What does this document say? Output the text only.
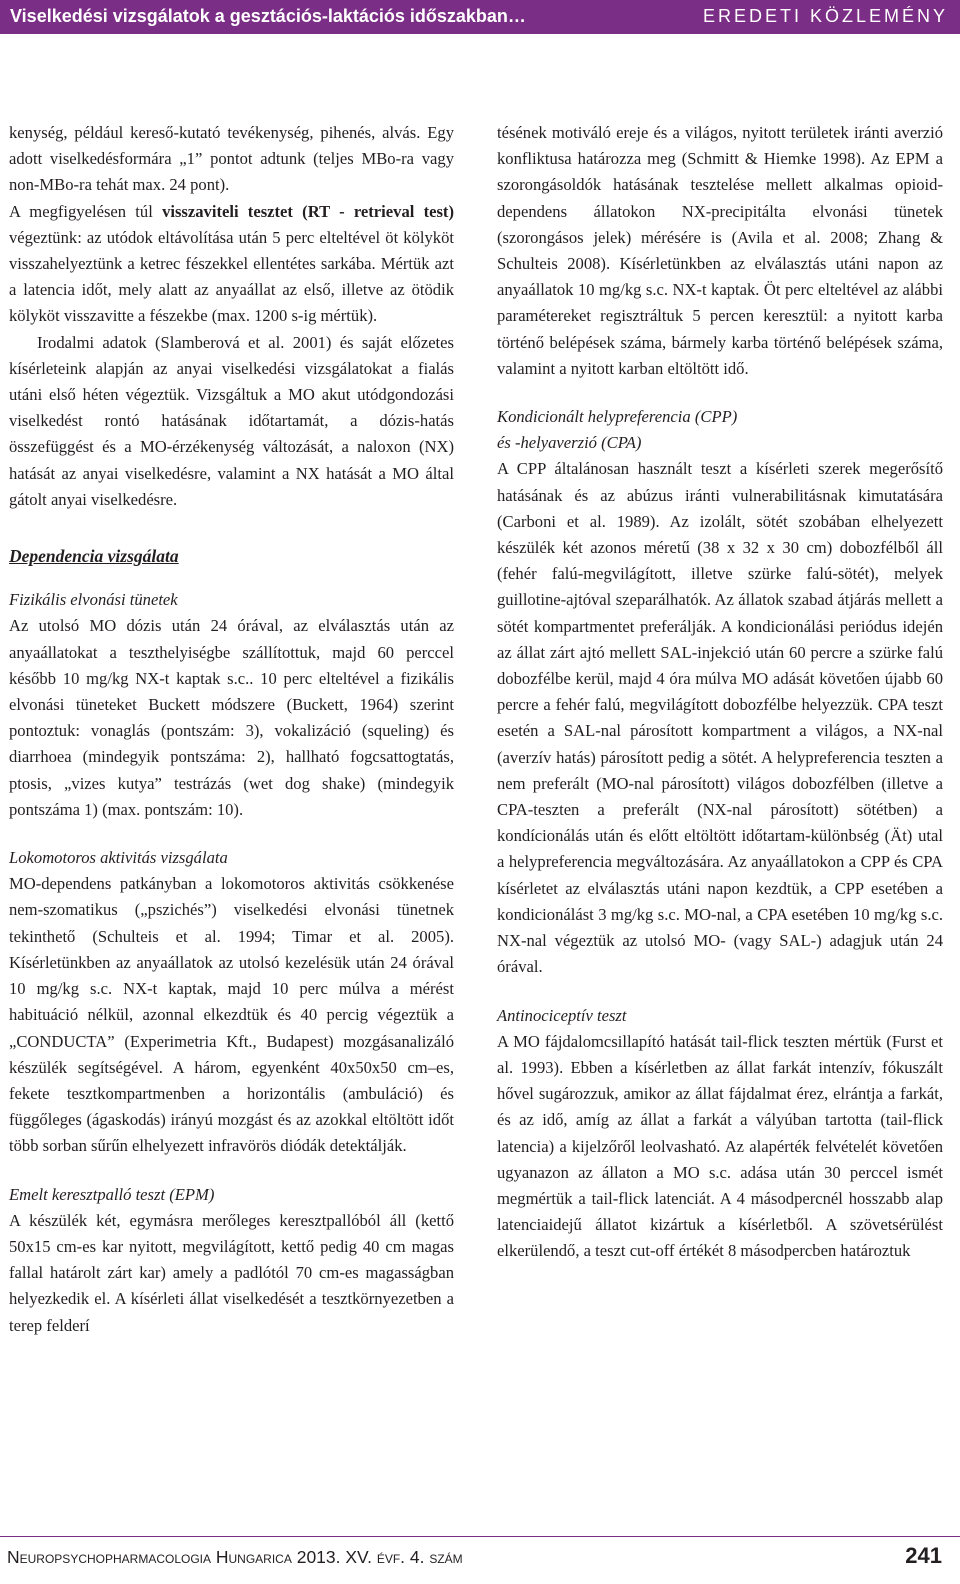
Viselkedési vizsgálatok a gesztációs-laktációs időszakban…	EREDETI KÖZLEMÉNY

kenység, például kereső-kutató tevékenység, pihenés, alvás. Egy adott viselkedésformára „1” pontot adtunk (teljes MBo-ra vagy non-MBo-ra tehát max. 24 pont).

A megfigyelésen túl visszaviteli tesztet (RT - retrieval test) végeztünk: az utódok eltávolítása után 5 perc elteltével öt kölyköt visszahelyeztünk a ketrec fészekkel ellentétes sarkába. Mértük azt a latencia időt, mely alatt az anyaállat az első, illetve az ötödik kölyköt visszavitte a fészekbe (max. 1200 s-ig mértük).

Irodalmi adatok (Slamberová et al. 2001) és saját előzetes kísérleteink alapján az anyai viselkedési vizsgálatokat a fialás utáni első héten végeztük. Vizsgáltuk a MO akut utódgondozási viselkedést rontó hatásának időtartamát, a dózis-hatás összefüggést és a MO-érzékenység változását, a naloxon (NX) hatását az anyai viselkedésre, valamint a NX hatását a MO által gátolt anyai viselkedésre.

Dependencia vizsgálata
Fizikális elvonási tünetek

Az utolsó MO dózis után 24 órával, az elválasztás után az anyaállatokat a teszthelyiségbe szállítottuk, majd 60 perccel később 10 mg/kg NX-t kaptak s.c.. 10 perc elteltével a fizikális elvonási tüneteket Buckett módszere (Buckett, 1964) szerint pontoztuk: vonaglás (pontszám: 3), vokalizáció (squeling) és diarrhoea (mindegyik pontszáma: 2), hallható fogcsattogtatás, ptosis, „vizes kutya” testrázás (wet dog shake) (mindegyik pontszáma 1) (max. pontszám: 10).

Lokomotoros aktivitás vizsgálata

MO-dependens patkányban a lokomotoros aktivitás csökkenése nem-szomatikus („pszichés”) viselkedési elvonási tünetnek tekinthető (Schulteis et al. 1994; Timar et al. 2005). Kísérletünkben az anyaállatok az utolsó kezelésük után 24 órával 10 mg/kg s.c. NX-t kaptak, majd 10 perc múlva a mérést habituáció nélkül, azonnal elkezdtük és 40 percig végeztük a „CONDUCTA” (Experimetria Kft., Budapest) mozgásanalizáló készülék segítségével. A három, egyenként 40x50x50 cm–es, fekete tesztkompartmenben a horizontális (ambuláció) és függőleges (ágaskodás) irányú mozgást és az azokkal eltöltött időt több sorban sűrűn elhelyezett infravörös diódák detektálják.

Emelt keresztpalló teszt (EPM)

A készülék két, egymásra merőleges keresztpallóból áll (kettő 50x15 cm-es kar nyitott, megvilágított, kettő pedig 40 cm magas fallal határolt zárt kar) amely a padlótól 70 cm-es magasságban helyezkedik el. A kísérleti állat viselkedését a tesztkörnyezetben a terep felderí

tésének motiváló ereje és a világos, nyitott területek iránti averzió konfliktusa határozza meg (Schmitt & Hiemke 1998). Az EPM a szorongásoldók hatásának tesztelése mellett alkalmas opioid-dependens állatokon NX-precipitálta elvonási tünetek (szorongásos jelek) mérésére is (Avila et al. 2008; Zhang & Schulteis 2008). Kísérletünkben az elválasztás utáni napon az anyaállatok 10 mg/kg s.c. NX-t kaptak. Öt perc elteltével az alábbi paramétereket regisztráltuk 5 percen keresztül: a nyitott karba történő belépések száma, bármely karba történő belépések száma, valamint a nyitott karban eltöltött idő.

Kondicionált helypreferencia (CPP)
és -helyaverzió (CPA)

A CPP általánosan használt teszt a kísérleti szerek megerősítő hatásának és az abúzus iránti vulnerabilitásnak kimutatására (Carboni et al. 1989). Az izolált, sötét szobában elhelyezett készülék két azonos méretű (38 x 32 x 30 cm) dobozfélből áll (fehér falú-megvilágított, illetve szürke falú-sötét), melyek guillotine-ajtóval szeparálhatók. Az állatok szabad átjárás mellett a sötét kompartmentet preferálják. A kondicionálási periódus idején az állat zárt ajtó mellett SAL-injekció után 60 percre a szürke falú dobozfélbe kerül, majd 4 óra múlva MO adását követően újabb 60 percre a fehér falú, megvilágított dobozfélbe helyezzük. CPA teszt esetén a SAL-nal párosított kompartment a világos, a NX-nal (averzív hatás) párosított pedig a sötét. A helypreferencia teszten a nem preferált (MO-nal párosított) világos dobozfélben (illetve a CPA-teszten a preferált (NX-nal párosított) sötétben) a kondícionálás után és előtt eltöltött időtartam-különbség (Ät) utal a helypreferencia megváltozására. Az anyaállatokon a CPP és CPA kísérletet az elválasztás utáni napon kezdtük, a CPP esetében a kondicionálást 3 mg/kg s.c. MO-nal, a CPA esetében 10 mg/kg s.c. NX-nal végeztük az utolsó MO- (vagy SAL-) adagjuk után 24 órával.

Antinociceptív teszt

A MO fájdalomcsillapító hatását tail-flick teszten mértük (Furst et al. 1993). Ebben a kísérletben az állat farkát intenzív, fókuszált hővel sugározzuk, amikor az állat fájdalmat érez, elrántja a farkát, és az idő, amíg az állat a farkát a vályúban tartotta (tail-flick latencia) a kijelzőről leolvasható. Az alapérték felvételét követően ugyanazon az állaton a MO s.c. adása után 30 perccel ismét megmértük a tail-flick latenciát. A 4 másodpercnél hosszabb alap latenciaidejű állatot kizártuk a kísérletből. A szövetsérülést elkerülendő, a teszt cut-off értékét 8 másodpercben határoztuk

Neuropsychopharmacologia Hungarica 2013. XV. évf. 4. szám	241
